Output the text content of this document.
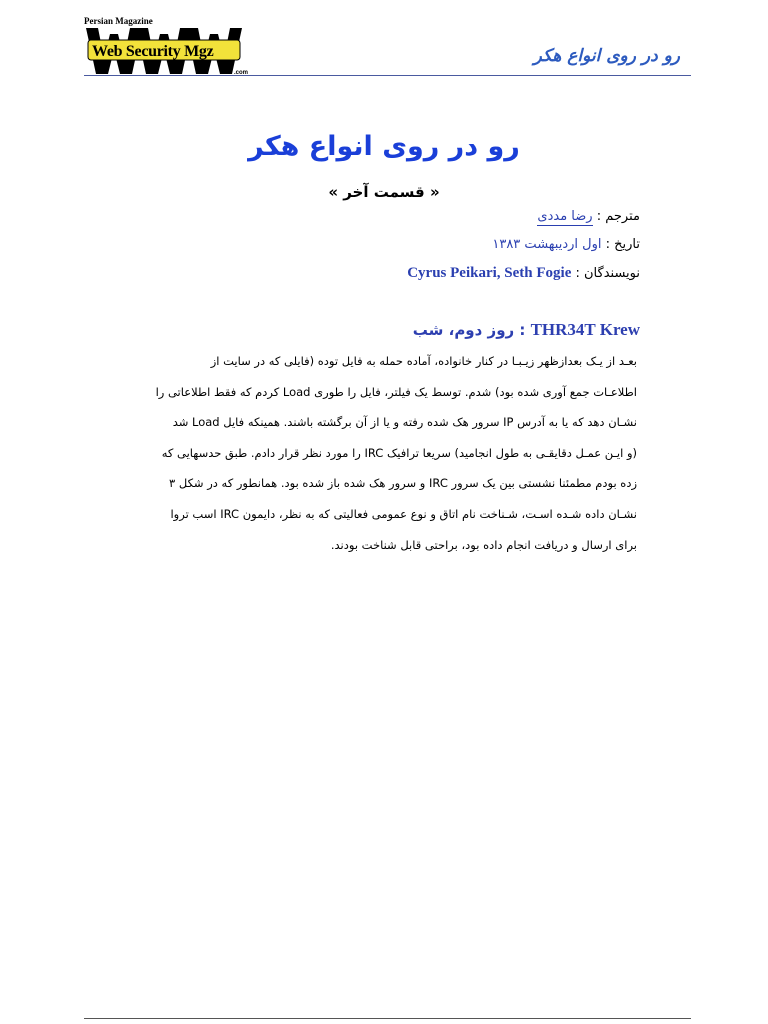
Persian Magazine
Web Security Mgz
.com
رو در روی انواع هکر
رو در روی انواع هکر
« قسمت آخر »
مترجم : رضا مددی
تاریخ : اول اردیبهشت ۱۳۸۳
نویسندگان : Cyrus Peikari, Seth Fogie
THR34T Krew : روز دوم، شب
بعـد از یـک بعدازظهر زیـبـا در کنار خانواده، آماده حمله به فایل توده (فایلی که در سایت از
اطلاعـات جمع آوری شده بود) شدم. توسط یک فیلتر، فایل را طوری Load کردم که فقط اطلاعاتی را
نشـان دهد که یا به آدرس IP سرور هک شده رفته و یا از آن برگشته باشند. همینکه فایل Load شد
(و ایـن عمـل دقایقـی به طول انجامید) سریعا ترافیک IRC را مورد نظر قرار دادم. طبق حدسهایی که
زده بودم مطمئنا نشستی بین یک سرور IRC و سرور هک شده باز شده بود. همانطور که در شکل ۳
نشـان داده شـده اسـت، شـناخت نام اتاق و نوع عمومی فعالیتی که به نظر، دایمون IRC اسب تروا
برای ارسال و دریافت انجام داده بود، براحتی قابل شناخت بودند.
